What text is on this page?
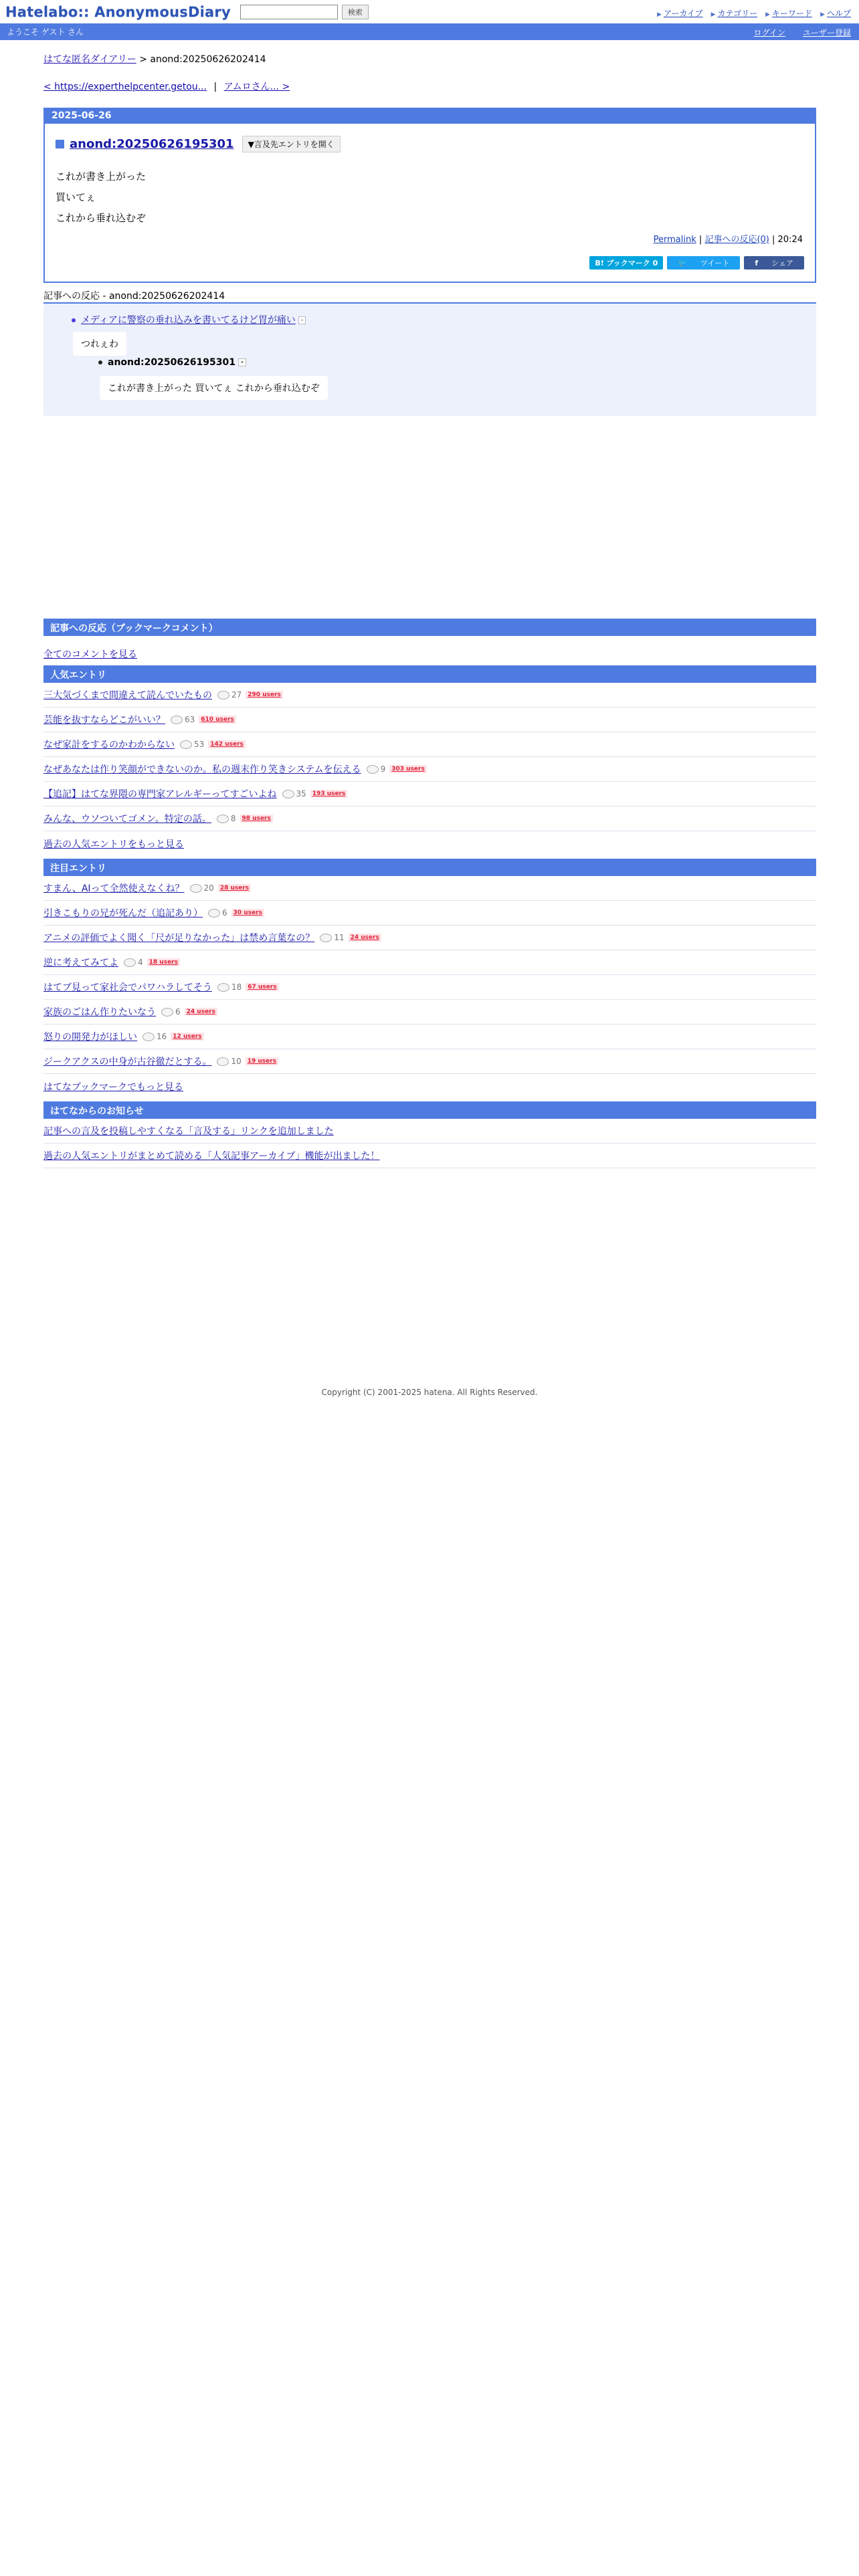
Hatelabo:: AnonymousDiary	検索	▶ アーカイブ ▶ カテゴリー ▶ キーワード ▶ ヘルプ
ようこそ ゲスト さん	ログイン ユーザー登録
はてな匿名ダイアリー > anond:20250626202414
< https://experthelpcenter.getou... | アムロさん... >
2025-06-26
anond:20250626195301	▼言及先エントリを開く
これが書き上がった
買いてぇ
これから垂れ込むぞ
Permalink | 記事への反応(0) | 20:24
B! ブックマーク 0	🐦	ツイート	f	シェア
記事への反応 - anond:20250626202414
メディアに警察の垂れ込みを書いてるけど胃が痛い -
つれぇわ
anond:20250626195301 -
これが書き上がった 買いてぇ これから垂れ込むぞ
記事への反応（ブックマークコメント）
全てのコメントを見る
人気エントリ
三大気づくまで間違えて読んでいたもの 27	290 users
芸能を抜すならどこがいい？ 63	610 users
なぜ家計をするのかわからない 53	142 users
なぜあなたは作り笑顔ができないのか。私の週末作り笑きシステムを伝える 9	303 users
【追記】はてな界隈の専門家アレルギーってすごいよね 35	193 users
みんな、ウソついてゴメン。特定の話。 8	98 users
過去の人気エントリをもっと見る
注目エントリ
すまん、AIって全然使えなくね？ 20	28 users
引きこもりの兄が死んだ（追記あり） 6	30 users
アニメの評価でよく聞く「尺が足りなかった」は禁め言葉なの？ 11	24 users
逆に考えてみてよ 4	18 users
はてブ見って家社会でパワハラしてそう 18	67 users
家族のごはん作りたいなう 6	24 users
怒りの開発力がほしい 16	12 users
ジークアクスの中身が古谷徹だとする。 10	19 users
はてなブックマークでもっと見る
はてなからのお知らせ
記事への言及を投稿しやすくなる「言及する」リンクを追加しました
過去の人気エントリがまとめて読める「人気記事アーカイブ」機能が出ました！
Copyright (C) 2001-2025 hatena. All Rights Reserved.
